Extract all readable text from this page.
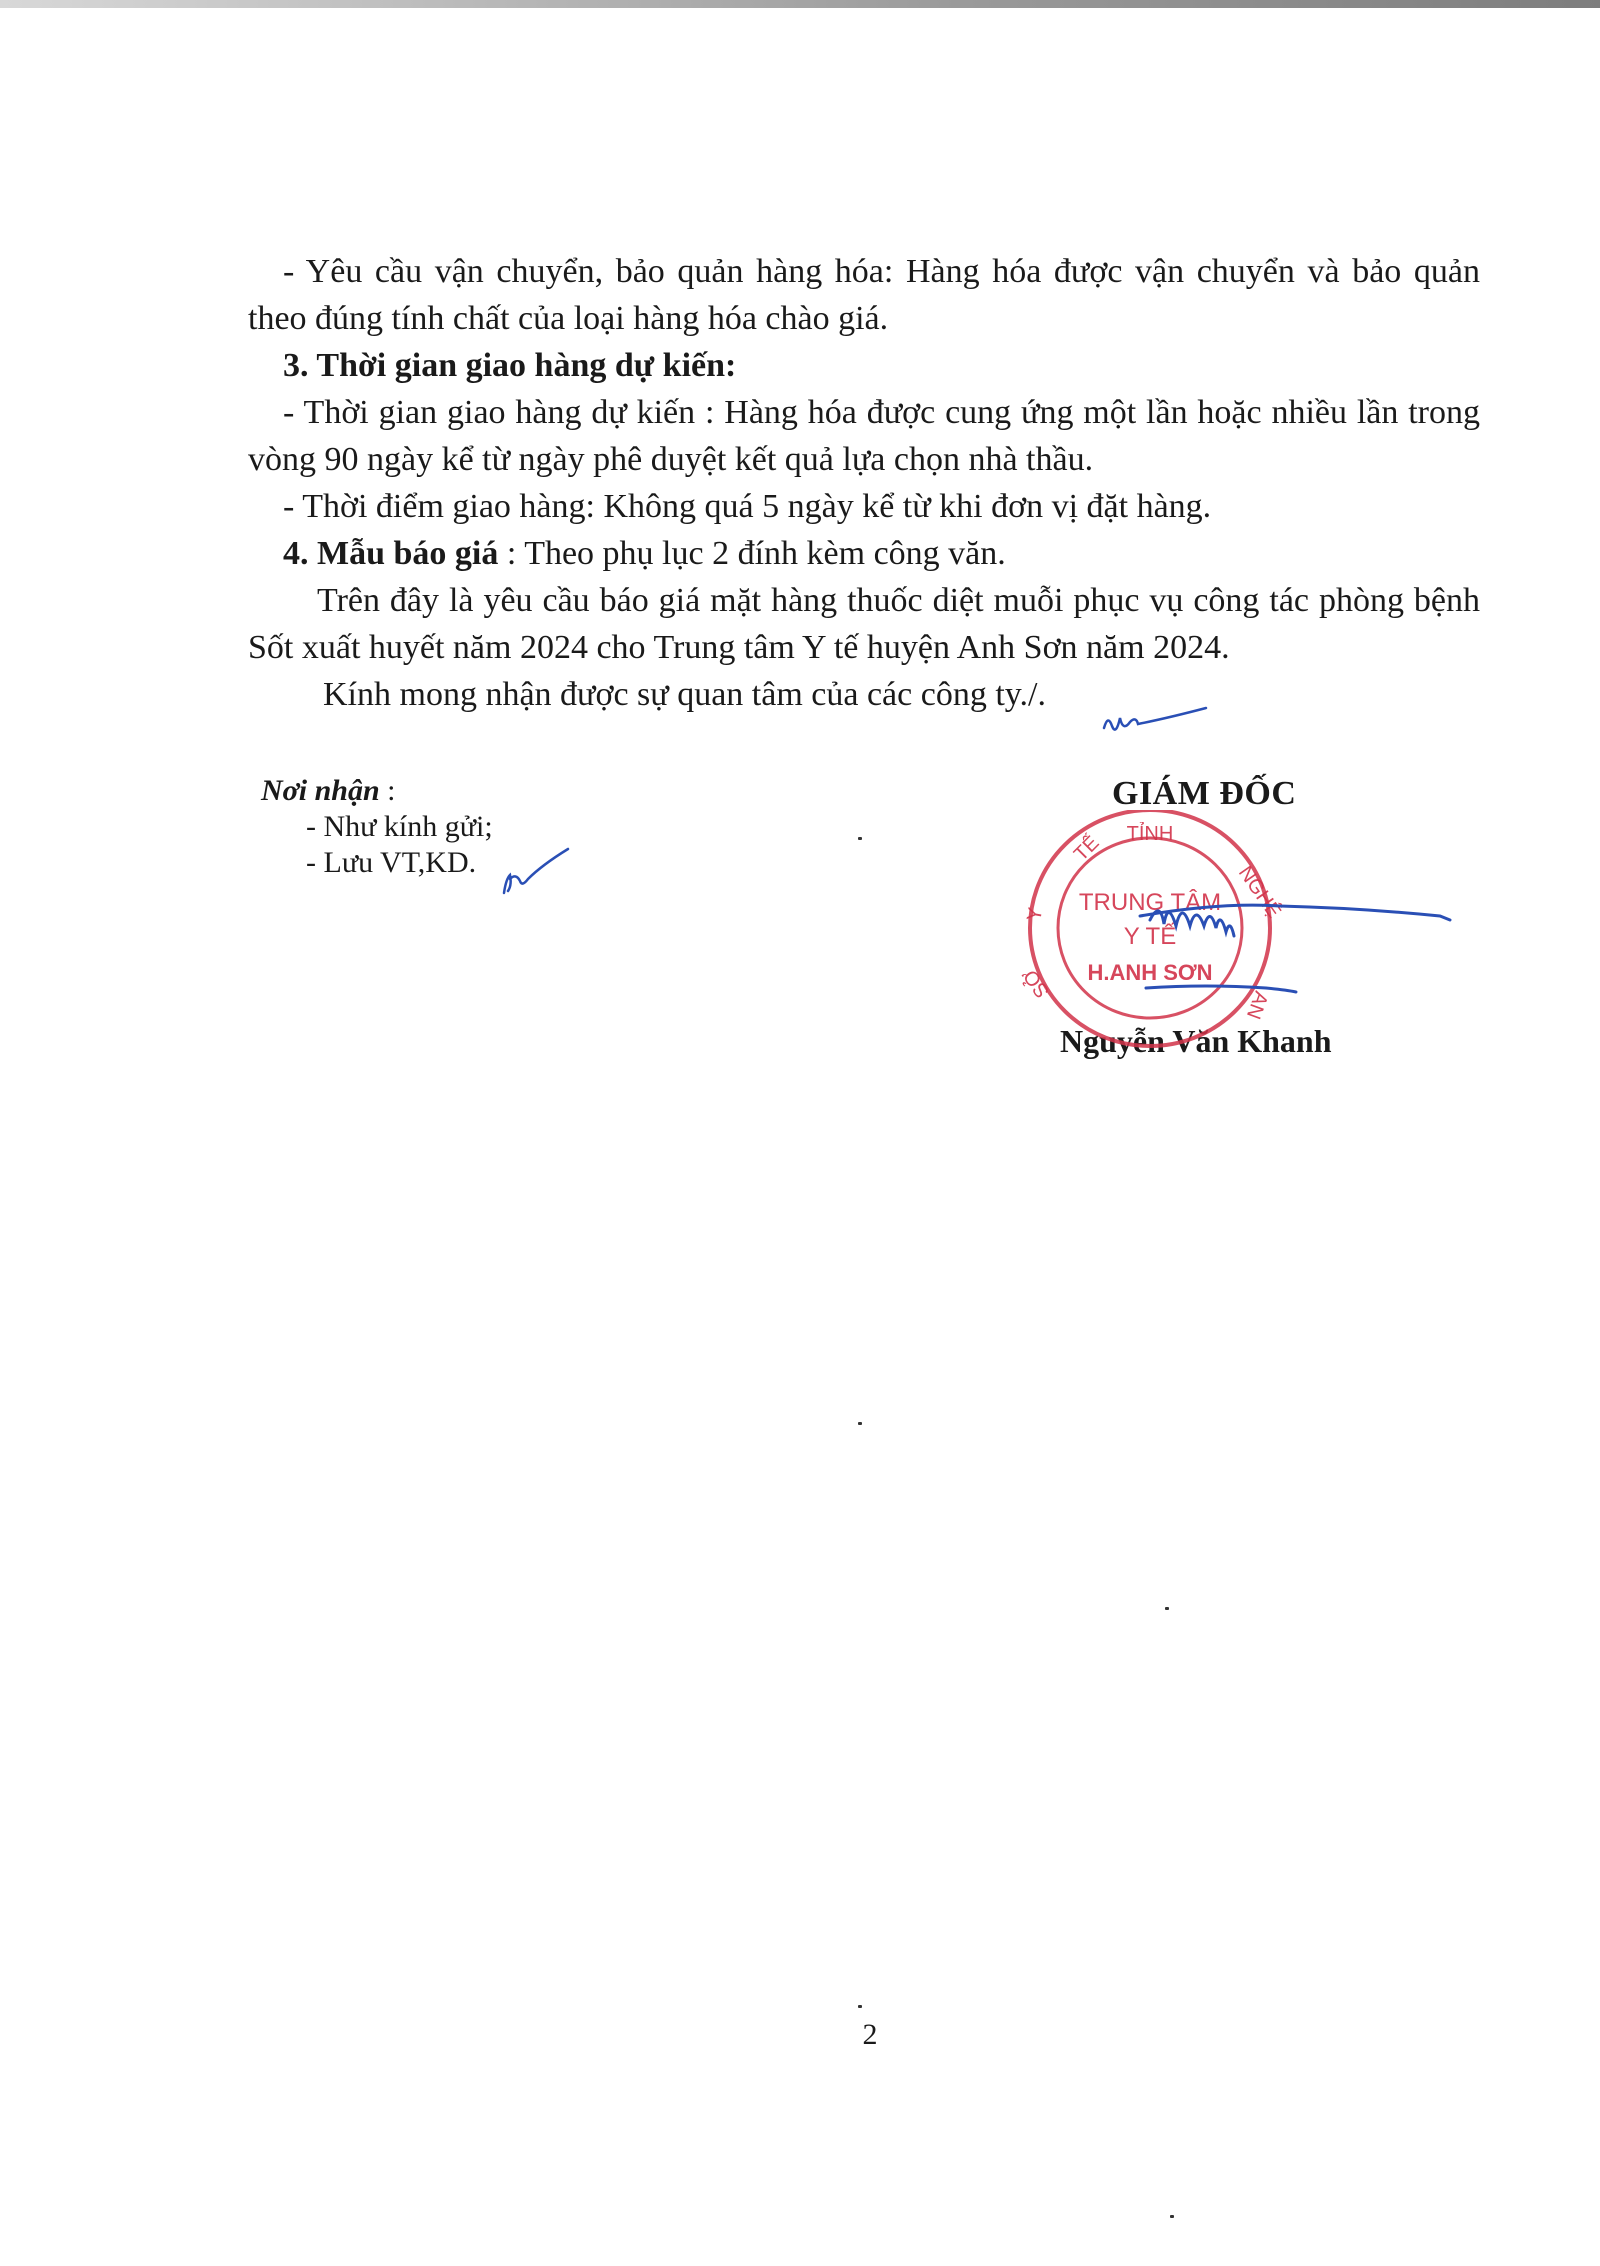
- Yêu cầu vận chuyển, bảo quản hàng hóa: Hàng hóa được vận chuyển và bảo quản theo đúng tính chất của loại hàng hóa chào giá.

3. Thời gian giao hàng dự kiến:

- Thời gian giao hàng dự kiến : Hàng hóa được cung ứng một lần hoặc nhiều lần trong vòng 90 ngày kể từ ngày phê duyệt kết quả lựa chọn nhà thầu.

- Thời điểm giao hàng: Không quá 5 ngày kể từ khi đơn vị đặt hàng.

4. Mẫu báo giá : Theo phụ lục 2 đính kèm công văn.

Trên đây là yêu cầu báo giá mặt hàng thuốc diệt muỗi phục vụ công tác phòng bệnh Sốt xuất huyết năm 2024 cho Trung tâm Y tế huyện Anh Sơn năm 2024.

Kính mong nhận được sự quan tâm của các công ty./.

Nơi nhận :
- Như kính gửi;
- Lưu VT,KD.
GIÁM ĐỐC
Nguyễn Văn Khanh
TỈNH
TẾ
Y
SỞ
NGHỆ
AN
TRUNG TÂM
Y TẾ
H.ANH SƠN
2
